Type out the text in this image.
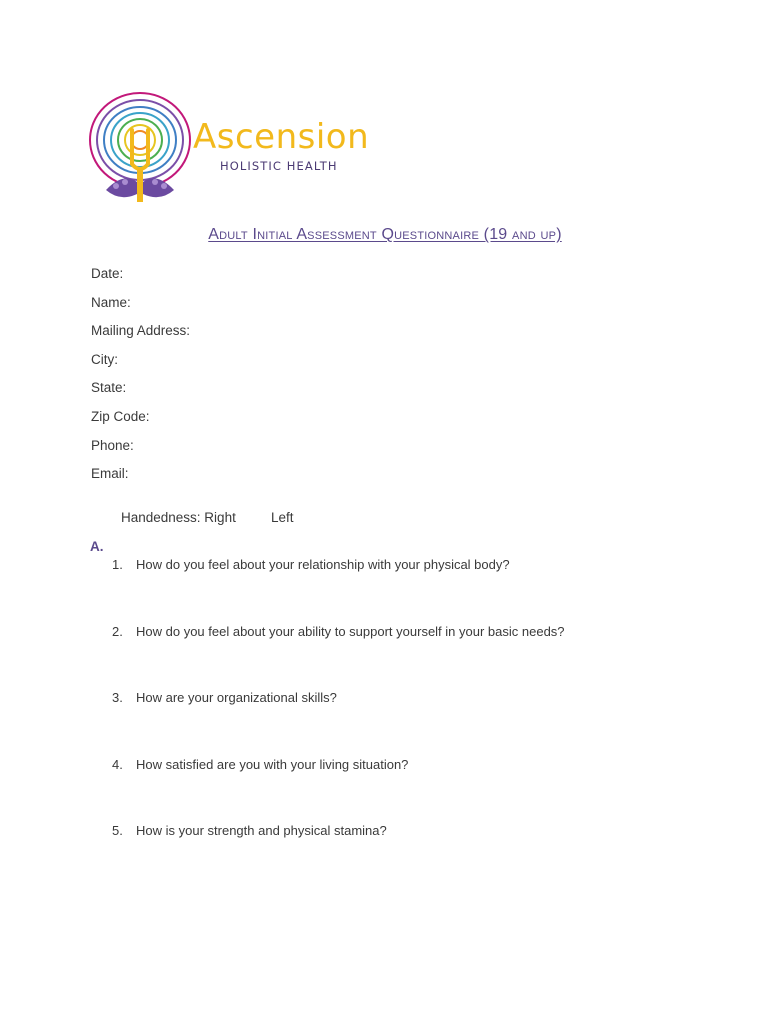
Ascension
HOLISTIC HEALTH
Adult Initial Assessment Questionnaire (19 and up)
Date:
Name:
Mailing Address:
City:
State:
Zip Code:
Phone:
Email:
Handedness: Right	Left
A.
1. How do you feel about your relationship with your physical body?
2. How do you feel about your ability to support yourself in your basic needs?
3. How are your organizational skills?
4. How satisfied are you with your living situation?
5. How is your strength and physical stamina?
